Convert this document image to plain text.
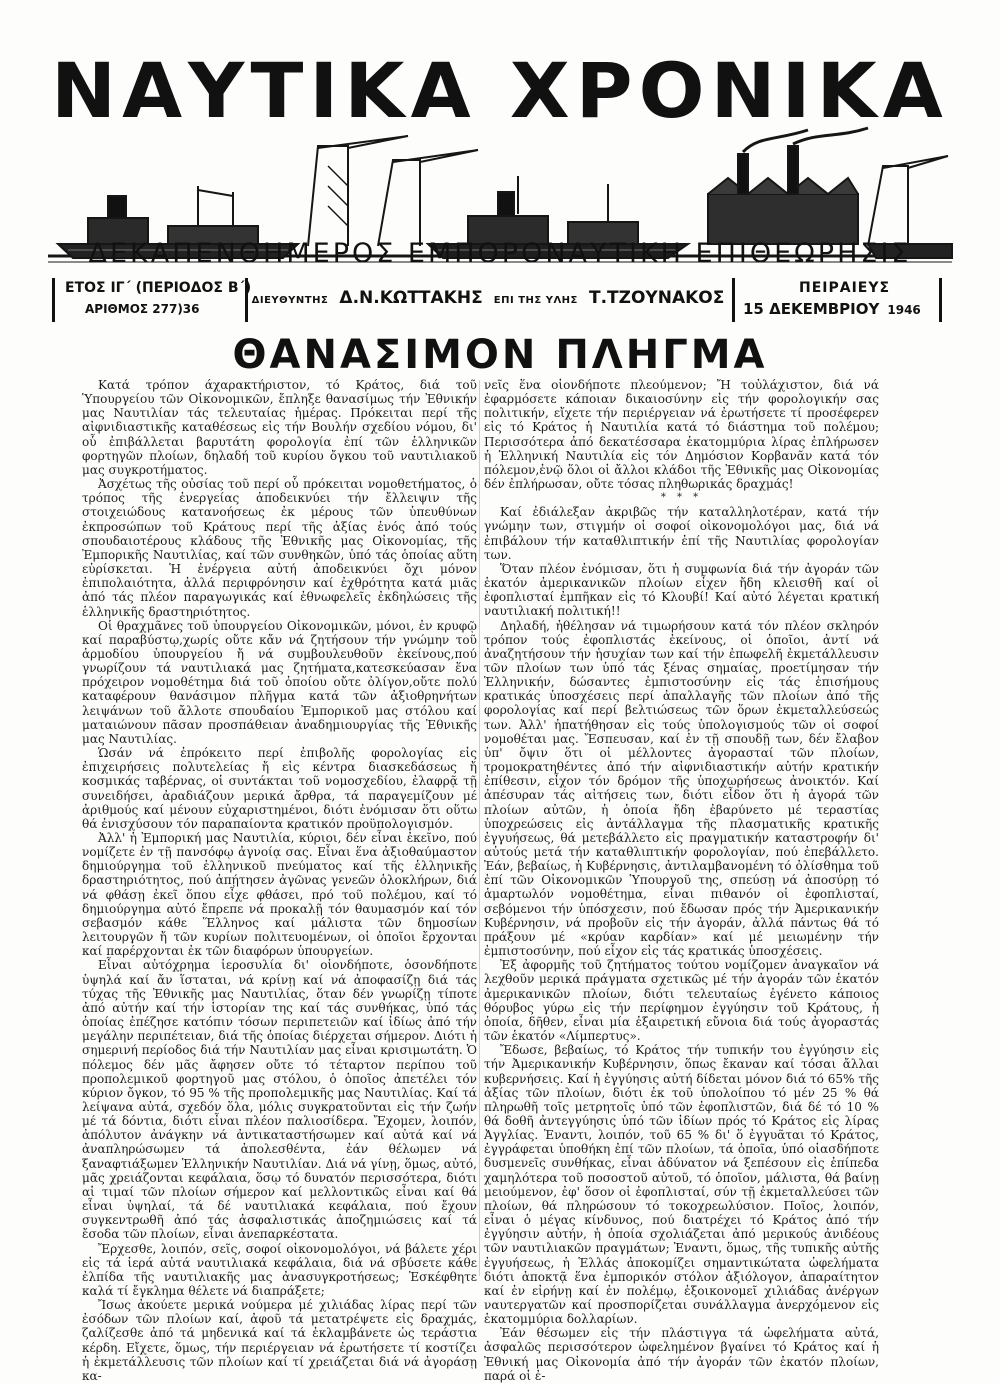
ΝΑΥΤΙΚΑ ΧΡΟΝΙΚΑ
ΔΕΚΑΠΕΝΘΗΜΕΡΟΣ ΕΜΠΟΡΟΝΑΥΤΙΚΗ ΕΠΙΘΕΩΡΗΣΙΣ
ΕΤΟΣ ΙΓ΄ (ΠΕΡΙΟΔΟΣ Β΄)
ΑΡΙΘΜΟΣ 277)36
ΔΙΕΥΘΥΝΤΗΣ Δ.Ν.ΚΩΤΤΑΚΗΣ ΕΠΙ ΤΗΣ ΥΛΗΣ Τ.ΤΖΟΥΝΑΚΟΣ	ΠΕΙΡΑΙΕΥΣ
15 ΔΕΚΕΜΒΡΙΟΥ 1946
ΘΑΝΑΣΙΜΟΝ ΠΛΗΓΜΑ

Κατά τρόπον άχαρακτήριστον, τό Κράτος, διά τοῦ Ὑπουργείου τῶν Οἰκονομικῶν, ἔπληξε θανασίμως τήν Ἐθνικήν μας Ναυτιλίαν τάς τελευταίας ἡμέρας. Πρόκειται περί τῆς αἰφνιδιαστικῆς καταθέσεως εἰς τήν Βουλήν σχεδίου νόμου, δι' οὗ ἐπιβάλλεται βαρυτάτη φορολογία ἐπί τῶν ἑλληνικῶν φορτηγῶν πλοίων, δηλαδή τοῦ κυρίου ὄγκου τοῦ ναυτιλιακοῦ μας συγκροτήματος.

Ἀσχέτως τῆς οὐσίας τοῦ περί οὗ πρόκειται νομοθετήματος, ὁ τρόπος τῆς ἐνεργείας ἀποδεικνύει τήν ἔλλειψιν τῆς στοιχειώδους κατανοήσεως ἐκ μέρους τῶν ὑπευθύνων ἐκπροσώπων τοῦ Κράτους περί τῆς ἀξίας ἑνός ἀπό τούς σπουδαιοτέρους κλάδους τῆς Ἐθνικῆς μας Οἰκονομίας, τῆς Ἐμπορικῆς Ναυτιλίας, καί τῶν συνθηκῶν, ὑπό τάς ὁποίας αὕτη εὑρίσκεται. Ἡ ἐνέργεια αὐτή ἀποδεικνύει ὄχι μόνον ἐπιπολαιότητα, ἀλλά περιφρόνησιν καί ἐχθρότητα κατά μιᾶς ἀπό τάς πλέον παραγωγικάς καί ἐθνωφελεῖς ἐκδηλώσεις τῆς ἑλληνικῆς δραστηριότητος.

Οἱ θραχμᾶνες τοῦ ὑπουργείου Οἰκονομικῶν, μόνοι, ἐν κρυφῷ καί παραβύστῳ,χωρίς οὔτε κἄν νά ζητήσουν τήν γνώμην τοῦ ἁρμοδίου ὑπουργείου ἤ νά συμβουλευθοῦν ἐκείνους,πού γνωρίζουν τά ναυτιλιακά μας ζητήματα,κατεσκεύασαν ἕνα πρόχειρον νομοθέτημα διά τοῦ ὁποίου οὔτε ὀλίγον,οὔτε πολύ καταφέρουν θανάσιμον πλῆγμα κατά τῶν ἀξιοθρηνήτων λειψάνων τοῦ ἄλλοτε σπουδαίου Ἐμπορικοῦ μας στόλου καί ματαιώνουν πᾶσαν προσπάθειαν ἀναδημιουργίας τῆς Ἐθνικῆς μας Ναυτιλίας.

Ὡσάν νά ἐπρόκειτο περί ἐπιβολῆς φορολογίας εἰς ἐπιχειρήσεις πολυτελείας ἤ εἰς κέντρα διασκεδάσεως ἤ κοσμικάς ταβέρνας, οἱ συντάκται τοῦ νομοσχεδίου, ἐλαφρᾷ τῇ συνειδήσει, ἀραδιάζουν μερικά ἄρθρα, τά παραγεμίζουν μέ ἀριθμούς καί μένουν εὐχαριστημένοι, διότι ἐνόμισαν ὅτι οὕτω θά ἐνισχύσουν τόν παραπαίοντα κρατικόν προϋπολογισμόν.

Ἀλλ' ἡ Ἐμπορική μας Ναυτιλία, κύριοι, δέν εἶναι ἐκεῖνο, πού νομίζετε ἐν τῇ πανσόφῳ ἀγνοίᾳ σας. Εἶναι ἕνα ἀξιοθαύμαστον δημιούργημα τοῦ ἑλληνικοῦ πνεύματος καί τῆς ἑλληνικῆς δραστηριότητος, πού ἀπῄτησεν ἀγῶνας γενεῶν ὁλοκλήρων, διά νά φθάσῃ ἐκεῖ ὅπου εἶχε φθάσει, πρό τοῦ πολέμου, καί τό δημιούργημα αὐτό ἔπρεπε νά προκαλῇ τόν θαυμασμόν καί τόν σεβασμόν κάθε Ἕλληνος καί μάλιστα τῶν δημοσίων λειτουργῶν ἤ τῶν κυρίων πολιτευομένων, οἱ ὁποῖοι ἔρχονται καί παρέρχονται ἐκ τῶν διαφόρων ὑπουργείων.

Εἶναι αὐτόχρημα ἱεροσυλία δι' οἱονδήποτε, ὁσονδήποτε ὑψηλά καί ἄν ἵσταται, νά κρίνῃ καί νά ἀποφασίζῃ διά τάς τύχας τῆς Ἐθνικῆς μας Ναυτιλίας, ὅταν δέν γνωρίζῃ τίποτε ἀπό αὐτήν καί τήν ἱστορίαν της καί τάς συνθήκας, ὑπό τάς ὁποίας ἐπέζησε κατόπιν τόσων περιπετειῶν καί ἰδίως ἀπό τήν μεγάλην περιπέτειαν, διά τῆς ὁποίας διέρχεται σήμερον. Διότι ἡ σημερινή περίοδος διά τήν Ναυτιλίαν μας εἶναι κρισιμωτάτη. Ὁ πόλεμος δέν μᾶς ἄφησεν οὔτε τό τέταρτον περίπου τοῦ προπολεμικοῦ φορτηγοῦ μας στόλου, ὁ ὁποῖος ἀπετέλει τόν κύριον ὄγκον, τό 95 % τῆς προπολεμικῆς μας Ναυτιλίας. Καί τά λείψανα αὐτά, σχεδόν ὅλα, μόλις συγκρατοῦνται εἰς τήν ζωήν μέ τά δόντια, διότι εἶναι πλέον παλιοσίδερα. Ἔχομεν, λοιπόν, ἀπόλυτον ἀνάγκην νά ἀντικαταστήσωμεν καί αὐτά καί νά ἀναπληρώσωμεν τά ἀπολεσθέντα, ἐάν θέλωμεν νά ξαναφτιάξωμεν Ἑλληνικήν Ναυτιλίαν. Διά νά γίνῃ, ὅμως, αὐτό, μᾶς χρειάζονται κεφάλαια, ὅσῳ τό δυνατόν περισσότερα, διότι αἱ τιμαί τῶν πλοίων σήμερον καί μελλοντικῶς εἶναι καί θά εἶναι ὑψηλαί, τά δέ ναυτιλιακά κεφάλαια, πού ἔχουν συγκεντρωθῆ ἀπό τάς ἀσφαλιστικάς ἀποζημιώσεις καί τά ἔσοδα τῶν πλοίων, εἶναι ἀνεπαρκέστατα.

Ἔρχεσθε, λοιπόν, σεῖς, σοφοί οἰκονομολόγοι, νά βάλετε χέρι εἰς τά ἱερά αὐτά ναυτιλιακά κεφάλαια, διά νά σβύσετε κάθε ἐλπίδα τῆς ναυτιλιακῆς μας ἀνασυγκροτήσεως; Ἐσκέφθητε καλά τί ἔγκλημα θέλετε νά διαπράξετε;

Ἴσως ἀκούετε μερικά νούμερα μέ χιλιάδας λίρας περί τῶν ἐσόδων τῶν πλοίων καί, ἀφοῦ τά μετατρέψετε εἰς δραχμάς, ζαλίζεσθε ἀπό τά μηδενικά καί τά ἐκλαμβάνετε ὡς τεράστια κέρδη. Εἴχετε, ὅμως, τήν περιέργειαν νά ἐρωτήσετε τί κοστίζει ἡ ἐκμετάλλευσις τῶν πλοίων καί τί χρειάζεται διά νά ἀγοράσῃ κα-

νεῖς ἕνα οἱονδήποτε πλεούμενον; Ἤ τοὐλάχιστον, διά νά ἐφαρμόσετε κάποιαν δικαιοσύνην εἰς τήν φορολογικήν σας πολιτικήν, εἴχετε τήν περιέργειαν νά ἐρωτήσετε τί προσέφερεν εἰς τό Κράτος ἡ Ναυτιλία κατά τό διάστημα τοῦ πολέμου; Περισσότερα ἀπό δεκατέσσαρα ἑκατομμύρια λίρας ἐπλήρωσεν ἡ Ἑλληνική Ναυτιλία εἰς τόν Δημόσιον Κορβανᾶν κατά τόν πόλεμον,ἐνῷ ὅλοι οἱ ἄλλοι κλάδοι τῆς Ἐθνικῆς μας Οἰκονομίας δέν ἐπλήρωσαν, οὔτε τόσας πληθωρικάς δραχμάς!

* * *

Καί ἐδιάλεξαν ἀκριβῶς τήν καταλληλοτέραν, κατά τήν γνώμην των, στιγμήν οἱ σοφοί οἰκονομολόγοι μας, διά νά ἐπιβάλουν τήν καταθλιπτικήν ἐπί τῆς Ναυτιλίας φορολογίαν των.

Ὅταν πλέον ἐνόμισαν, ὅτι ἡ συμφωνία διά τήν ἀγοράν τῶν ἑκατόν ἀμερικανικῶν πλοίων εἶχεν ἤδη κλεισθῆ καί οἱ ἐφοπλισταί ἐμπῆκαν εἰς τό Κλουβί! Καί αὐτό λέγεται κρατική ναυτιλιακή πολιτική!!

Δηλαδή, ἠθέλησαν νά τιμωρήσουν κατά τόν πλέον σκληρόν τρόπον τούς ἐφοπλιστάς ἐκείνους, οἱ ὁποῖοι, ἀντί νά ἀναζητήσουν τήν ἡσυχίαν των καί τήν ἐπωφελῆ ἐκμετάλλευσιν τῶν πλοίων των ὑπό τάς ξένας σημαίας, προετίμησαν τήν Ἑλληνικήν, δώσαντες ἐμπιστοσύνην εἰς τάς ἐπισήμους κρατικάς ὑποσχέσεις περί ἀπαλλαγῆς τῶν πλοίων ἀπό τῆς φορολογίας καί περί βελτιώσεως τῶν ὅρων ἐκμεταλλεύσεώς των. Ἀλλ' ἠπατήθησαν εἰς τούς ὑπολογισμούς τῶν οἱ σοφοί νομοθέται μας. Ἔσπευσαν, καί ἐν τῇ σπουδῇ των, δέν ἔλαβον ὑπ' ὄψιν ὅτι οἱ μέλλοντες ἀγορασταί τῶν πλοίων, τρομοκρατηθέντες ἀπό τήν αἰφνιδιαστικήν αὐτήν κρατικήν ἐπίθεσιν, εἶχον τόν δρόμον τῆς ὑποχωρήσεως ἀνοικτόν. Καί ἀπέσυραν τάς αἰτήσεις των, διότι εἶδον ὅτι ἡ ἀγορά τῶν πλοίων αὐτῶν, ἡ ὁποία ἤδη ἐβαρύνετο μέ τεραστίας ὑποχρεώσεις εἰς ἀντάλλαγμα τῆς πλασματικῆς κρατικῆς ἐγγυήσεως, θά μετεβάλλετο εἰς πραγματικήν καταστροφήν δι' αὐτούς μετά τήν καταθλιπτικήν φορολογίαν, πού ἐπεβάλλετο. Ἐάν, βεβαίως, ἡ Κυβέρνησις, ἀντιλαμβανομένη τό ὀλίσθημα τοῦ ἐπί τῶν Οἰκονομικῶν Ὑπουργοῦ της, σπεύσῃ νά ἀποσύρῃ τό ἁμαρτωλόν νομοθέτημα, εἶναι πιθανόν οἱ ἐφοπλισταί, σεβόμενοι τήν ὑπόσχεσιν, πού ἔδωσαν πρός τήν Ἀμερικανικήν Κυβέρνησιν, νά προβοῦν εἰς τήν ἀγοράν, ἀλλά πάντως θά τό πράξουν μέ «κρύαν καρδίαν» καί μέ μειωμένην τήν ἐμπιστοσύνην, πού εἶχον εἰς τάς κρατικάς ὑποσχέσεις.

Ἐξ ἀφορμῆς τοῦ ζητήματος τούτου νομίζομεν ἀναγκαῖον νά λεχθοῦν μερικά πράγματα σχετικῶς μέ τήν ἀγοράν τῶν ἑκατόν ἀμερικανικῶν πλοίων, διότι τελευταίως ἐγένετο κάποιος θόρυβος γύρω εἰς τήν περίφημον ἐγγύησιν τοῦ Κράτους, ἡ ὁποία, δῆθεν, εἶναι μία ἐξαιρετική εὔνοια διά τούς ἀγοραστάς τῶν ἑκατόν «Λίμπερτυς».

Ἔδωσε, βεβαίως, τό Κράτος τήν τυπικήν του ἐγγύησιν εἰς τήν Ἀμερικανικήν Κυβέρνησιν, ὅπως ἔκαναν καί τόσαι ἄλλαι κυβερνήσεις. Καί ἡ ἐγγύησις αὐτή δίδεται μόνον διά τό 65% τῆς ἀξίας τῶν πλοίων, διότι ἐκ τοῦ ὑπολοίπου τό μέν 25 % θά πληρωθῆ τοῖς μετρητοῖς ὑπό τῶν ἐφοπλιστῶν, διά δέ τό 10 % θά δοθῆ ἀντεγγύησις ὑπό τῶν ἰδίων πρός τό Κράτος εἰς λίρας Ἀγγλίας. Ἐναντι, λοιπόν, τοῦ 65 % δι' ὅ ἐγγυᾶται τό Κράτος, ἐγγράφεται ὑποθήκη ἐπί τῶν πλοίων, τά ὁποῖα, ὑπό οἱασδήποτε δυσμενεῖς συνθήκας, εἶναι ἀδύνατον νά ξεπέσουν εἰς ἐπίπεδα χαμηλότερα τοῦ ποσοστοῦ αὐτοῦ, τό ὁποῖον, μάλιστα, θά βαίνῃ μειούμενον, ἐφ' ὅσον οἱ ἐφοπλισταί, σύν τῇ ἐκμεταλλεύσει τῶν πλοίων, θά πληρώσουν τό τοκοχρεωλύσιον. Ποῖος, λοιπόν, εἶναι ὁ μέγας κίνδυνος, πού διατρέχει τό Κράτος ἀπό τήν ἐγγύησιν αὐτήν, ἡ ὁποία σχολιάζεται ἀπό μερικούς ἀνιδέους τῶν ναυτιλιακῶν πραγμάτων; Ἐναντι, ὅμως, τῆς τυπικῆς αὐτῆς ἐγγυήσεως, ἡ Ἑλλάς ἀποκομίζει σημαντικώτατα ὠφελήματα διότι ἀποκτᾷ ἕνα ἐμπορικόν στόλον ἀξιόλογον, ἀπαραίτητον καί ἐν εἰρήνῃ καί ἐν πολέμῳ, ἐξοικονομεῖ χιλιάδας ἀνέργων ναυτεργατῶν καί προσπορίζεται συνάλλαγμα ἀνερχόμενον εἰς ἑκατομμύρια δολλαρίων.

Ἐάν θέσωμεν εἰς τήν πλάστιγγα τά ὠφελήματα αὐτά, ἀσφαλῶς περισσότερον ὠφελημένον βγαίνει τό Κράτος καί ἡ Ἐθνική μας Οἰκονομία ἀπό τήν ἀγοράν τῶν ἑκατόν πλοίων, παρά οἱ ἐ-
